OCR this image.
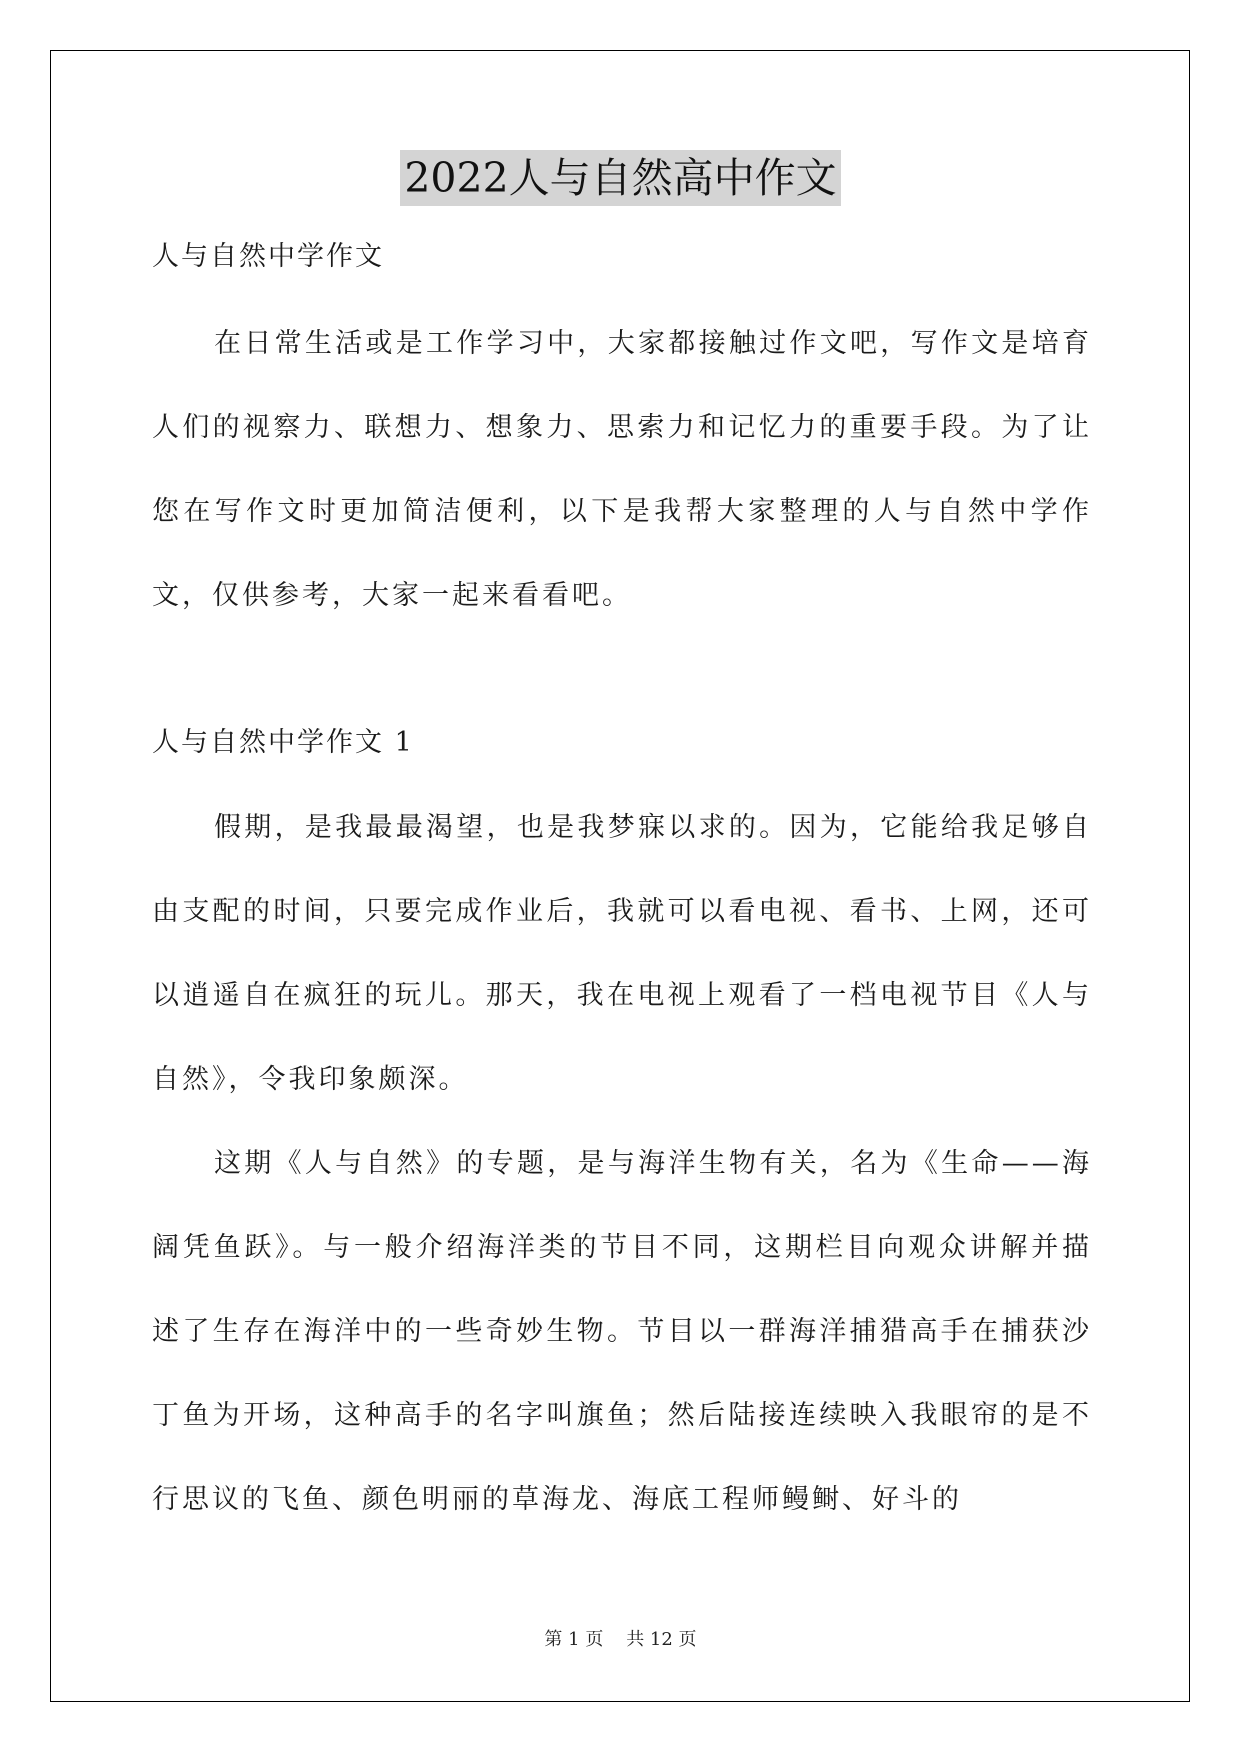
2022人与自然高中作文

人与自然中学作文

在日常生活或是工作学习中，大家都接触过作文吧，写作文是培育人们的视察力、联想力、想象力、思索力和记忆力的重要手段。为了让您在写作文时更加简洁便利，以下是我帮大家整理的人与自然中学作文，仅供参考，大家一起来看看吧。

人与自然中学作文 1

假期，是我最最渴望，也是我梦寐以求的。因为，它能给我足够自由支配的时间，只要完成作业后，我就可以看电视、看书、上网，还可以逍遥自在疯狂的玩儿。那天，我在电视上观看了一档电视节目《人与自然》，令我印象颇深。

这期《人与自然》的专题，是与海洋生物有关，名为《生命——海阔凭鱼跃》。与一般介绍海洋类的节目不同，这期栏目向观众讲解并描述了生存在海洋中的一些奇妙生物。节目以一群海洋捕猎高手在捕获沙丁鱼为开场，这种高手的名字叫旗鱼；然后陆接连续映入我眼帘的是不行思议的飞鱼、颜色明丽的草海龙、海底工程师鳗鲥、好斗的

第 1 页    共 12 页
